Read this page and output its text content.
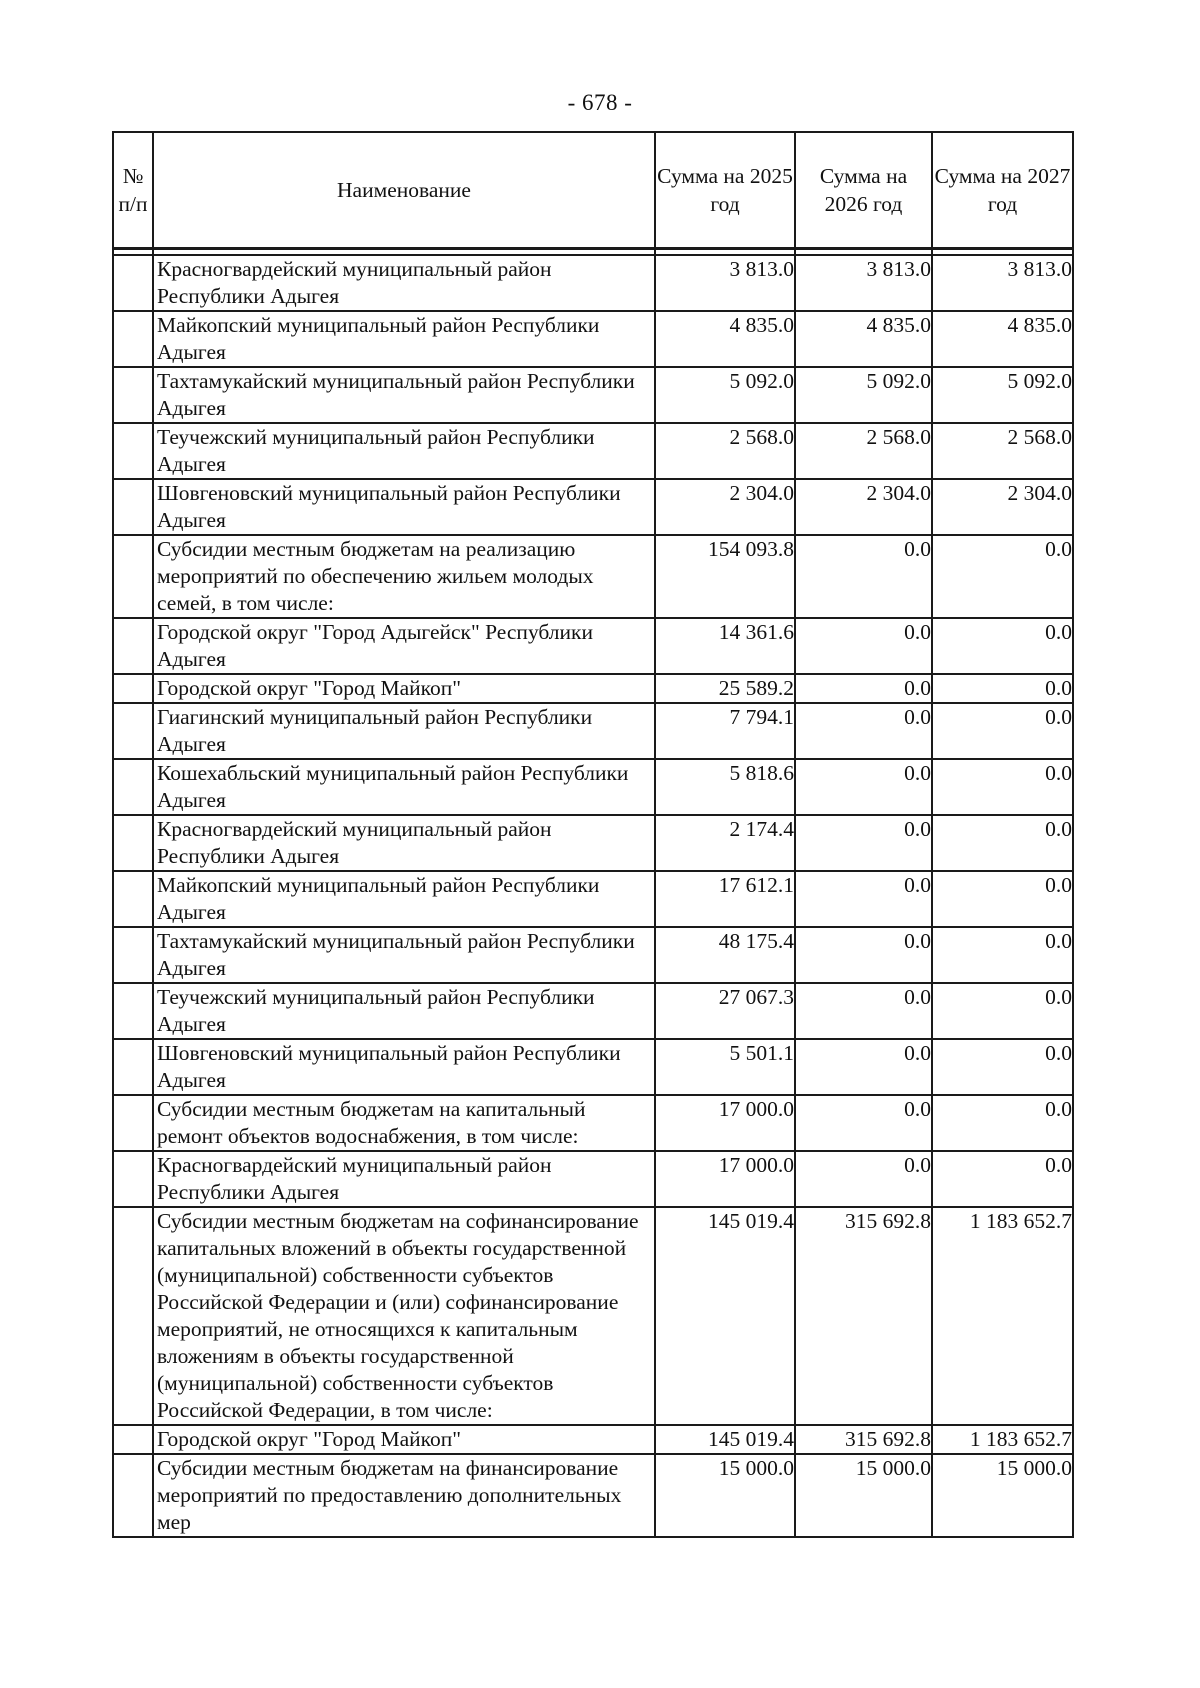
- 678 -
№ п/п	Наименование	Сумма на 2025 год	Сумма на 2026 год	Сумма на 2027 год

	Красногвардейский муниципальный район Республики Адыгея	3 813.0	3 813.0	3 813.0
	Майкопский муниципальный район Республики Адыгея	4 835.0	4 835.0	4 835.0
	Тахтамукайский муниципальный район Республики Адыгея	5 092.0	5 092.0	5 092.0
	Теучежский муниципальный район Республики Адыгея	2 568.0	2 568.0	2 568.0
	Шовгеновский муниципальный район Республики Адыгея	2 304.0	2 304.0	2 304.0
	Субсидии местным бюджетам на реализацию мероприятий по обеспечению жильем молодых семей, в том числе:	154 093.8	0.0	0.0
	Городской округ "Город Адыгейск" Республики Адыгея	14 361.6	0.0	0.0
	Городской округ "Город Майкоп"	25 589.2	0.0	0.0
	Гиагинский муниципальный район Республики Адыгея	7 794.1	0.0	0.0
	Кошехабльский муниципальный район Республики Адыгея	5 818.6	0.0	0.0
	Красногвардейский муниципальный район Республики Адыгея	2 174.4	0.0	0.0
	Майкопский муниципальный район Республики Адыгея	17 612.1	0.0	0.0
	Тахтамукайский муниципальный район Республики Адыгея	48 175.4	0.0	0.0
	Теучежский муниципальный район Республики Адыгея	27 067.3	0.0	0.0
	Шовгеновский муниципальный район Республики Адыгея	5 501.1	0.0	0.0
	Субсидии местным бюджетам на капитальный ремонт объектов водоснабжения, в том числе:	17 000.0	0.0	0.0
	Красногвардейский муниципальный район Республики Адыгея	17 000.0	0.0	0.0
	Субсидии местным бюджетам на софинансирование капитальных вложений в объекты государственной (муниципальной) собственности субъектов Российской Федерации и (или) софинансирование мероприятий, не относящихся к капитальным вложениям в объекты государственной (муниципальной) собственности субъектов Российской Федерации, в том числе:	145 019.4	315 692.8	1 183 652.7
	Городской округ "Город Майкоп"	145 019.4	315 692.8	1 183 652.7
	Субсидии местным бюджетам на финансирование мероприятий по предоставлению дополнительных мер	15 000.0	15 000.0	15 000.0
